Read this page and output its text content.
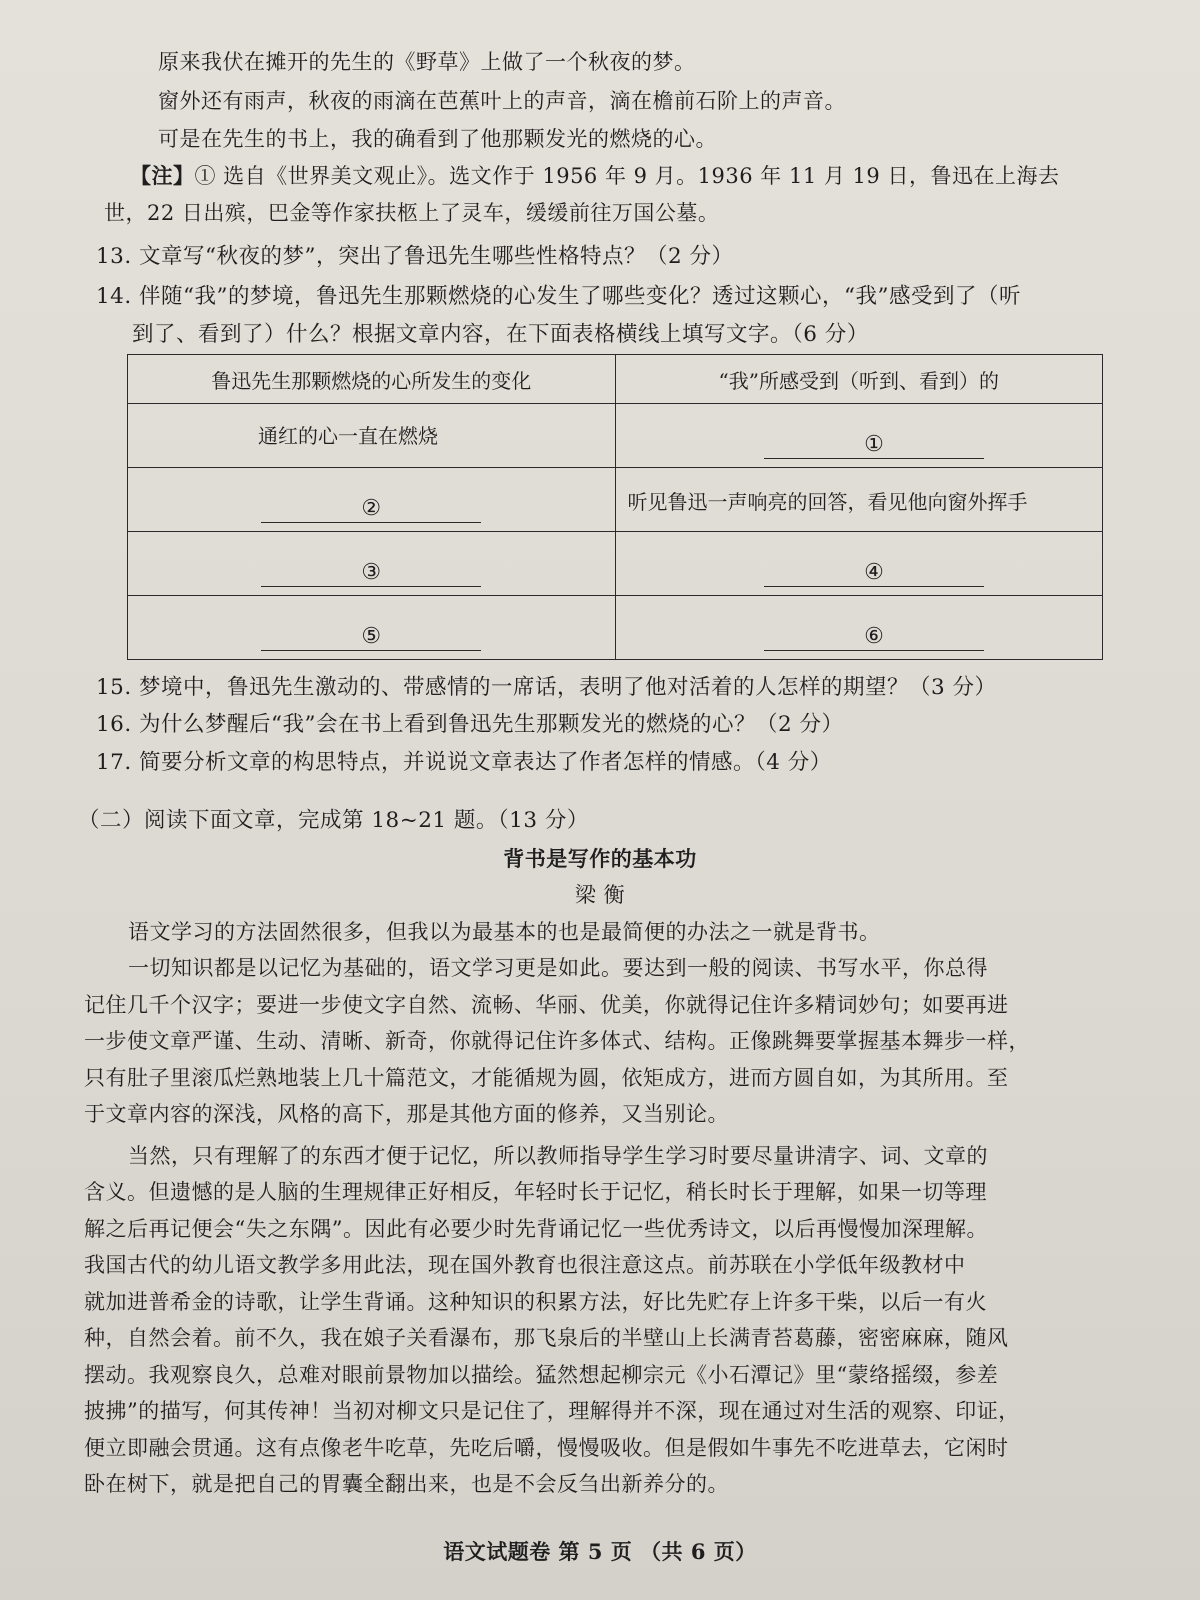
原来我伏在摊开的先生的《野草》上做了一个秋夜的梦。
窗外还有雨声，秋夜的雨滴在芭蕉叶上的声音，滴在檐前石阶上的声音。
可是在先生的书上，我的确看到了他那颗发光的燃烧的心。
【注】① 选自《世界美文观止》。选文作于 1956 年 9 月。1936 年 11 月 19 日，鲁迅在上海去
世，22 日出殡，巴金等作家扶柩上了灵车，缓缓前往万国公墓。
13. 文章写“秋夜的梦”，突出了鲁迅先生哪些性格特点？（2 分）
14. 伴随“我”的梦境，鲁迅先生那颗燃烧的心发生了哪些变化？透过这颗心，“我”感受到了（听
到了、看到了）什么？根据文章内容，在下面表格横线上填写文字。（6 分）
鲁迅先生那颗燃烧的心所发生的变化	“我”所感受到（听到、看到）的

通红的心一直在燃烧	①

②	听见鲁迅一声响亮的回答，看见他向窗外挥手

③	④

⑤	⑥
15. 梦境中，鲁迅先生激动的、带感情的一席话，表明了他对活着的人怎样的期望？（3 分）
16. 为什么梦醒后“我”会在书上看到鲁迅先生那颗发光的燃烧的心？（2 分）
17. 简要分析文章的构思特点，并说说文章表达了作者怎样的情感。（4 分）
（二）阅读下面文章，完成第 18~21 题。（13 分）
背书是写作的基本功
梁 衡
语文学习的方法固然很多，但我以为最基本的也是最简便的办法之一就是背书。
一切知识都是以记忆为基础的，语文学习更是如此。要达到一般的阅读、书写水平，你总得
记住几千个汉字；要进一步使文字自然、流畅、华丽、优美，你就得记住许多精词妙句；如要再进
一步使文章严谨、生动、清晰、新奇，你就得记住许多体式、结构。正像跳舞要掌握基本舞步一样，
只有肚子里滚瓜烂熟地装上几十篇范文，才能循规为圆，依矩成方，进而方圆自如，为其所用。至
于文章内容的深浅，风格的高下，那是其他方面的修养，又当别论。
当然，只有理解了的东西才便于记忆，所以教师指导学生学习时要尽量讲清字、词、文章的
含义。但遗憾的是人脑的生理规律正好相反，年轻时长于记忆，稍长时长于理解，如果一切等理
解之后再记便会“失之东隅”。因此有必要少时先背诵记忆一些优秀诗文，以后再慢慢加深理解。
我国古代的幼儿语文教学多用此法，现在国外教育也很注意这点。前苏联在小学低年级教材中
就加进普希金的诗歌，让学生背诵。这种知识的积累方法，好比先贮存上许多干柴，以后一有火
种，自然会着。前不久，我在娘子关看瀑布，那飞泉后的半壁山上长满青苔葛藤，密密麻麻，随风
摆动。我观察良久，总难对眼前景物加以描绘。猛然想起柳宗元《小石潭记》里“蒙络摇缀，参差
披拂”的描写，何其传神！当初对柳文只是记住了，理解得并不深，现在通过对生活的观察、印证，
便立即融会贯通。这有点像老牛吃草，先吃后嚼，慢慢吸收。但是假如牛事先不吃进草去，它闲时
卧在树下，就是把自己的胃囊全翻出来，也是不会反刍出新养分的。
语文试题卷 第 5 页 （共 6 页）
